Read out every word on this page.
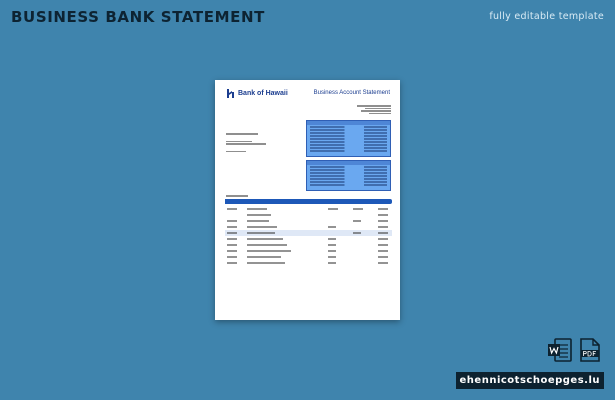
BUSINESS BANK STATEMENT	fully editable template
Bank of Hawaii	Business Account Statement
ehennicotschoepges.lu
